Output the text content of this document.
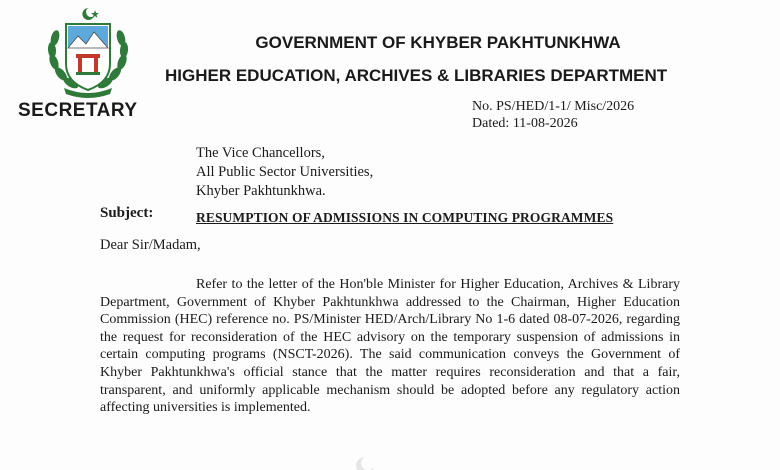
GOVERNMENT OF KHYBER PAKHTUNKHWA
HIGHER EDUCATION, ARCHIVES & LIBRARIES DEPARTMENT
SECRETARY	No. PS/HED/1-1/ Misc/2026
Dated: 11-08-2026
The Vice Chancellors,
All Public Sector Universities,
Khyber Pakhtunkhwa.
Subject:	RESUMPTION OF ADMISSIONS IN COMPUTING PROGRAMMES
Dear Sir/Madam,
Refer to the letter of the Hon'ble Minister for Higher Education, Archives & Library Department, Government of Khyber Pakhtunkhwa addressed to the Chairman, Higher Education Commission (HEC) reference no. PS/Minister HED/Arch/Library No 1-6 dated 08-07-2026, regarding the request for reconsideration of the HEC advisory on the temporary suspension of admissions in certain computing programs (NSCT-2026). The said communication conveys the Government of Khyber Pakhtunkhwa's official stance that the matter requires reconsideration and that a fair, transparent, and uniformly applicable mechanism should be adopted before any regulatory action affecting universities is implemented.
